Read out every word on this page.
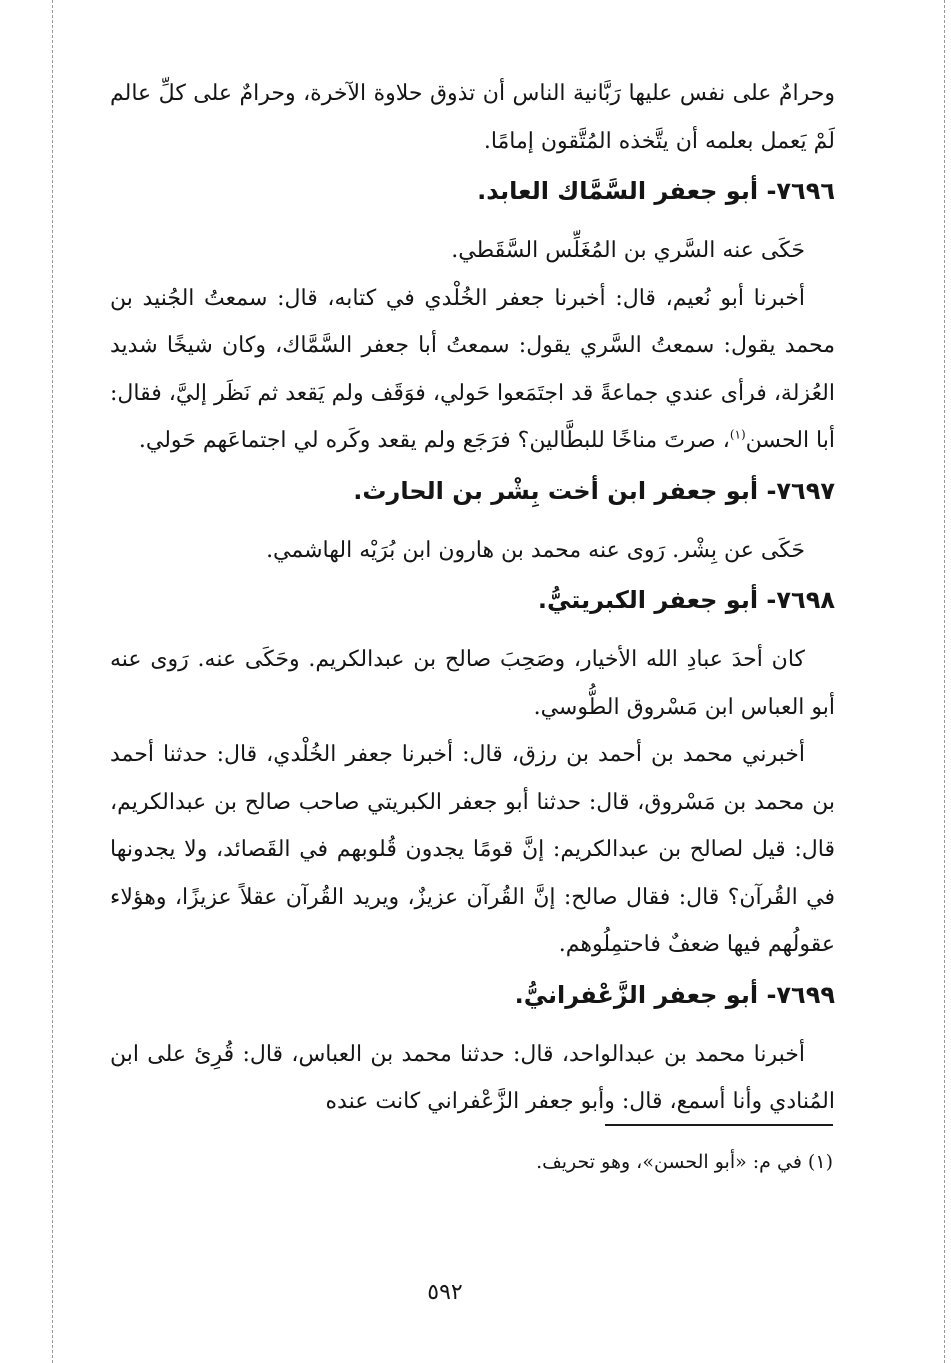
وحرامٌ على نفس عليها رَبَّانية الناس أن تذوق حلاوة الآخرة، وحرامٌ على كلِّ عالم لَمْ يَعمل بعلمه أن يتَّخذه المُتَّقون إمامًا.

٧٦٩٦- أبو جعفر السَّمَّاك العابد.

حَكَى عنه السَّري بن المُغَلِّس السَّقَطي.

أخبرنا أبو نُعيم، قال: أخبرنا جعفر الخُلْدي في كتابه، قال: سمعتُ الجُنيد بن محمد يقول: سمعتُ السَّري يقول: سمعتُ أبا جعفر السَّمَّاك، وكان شيخًا شديد العُزلة، فرأى عندي جماعةً قد اجتَمَعوا حَولي، فوَقَف ولم يَقعد ثم نَظَر إليَّ، فقال: أبا الحسن$^{(١)}$، صرتَ مناخًا للبطَّالين؟ فرَجَع ولم يقعد وكَره لي اجتماعَهم حَولي.

٧٦٩٧- أبو جعفر ابن أخت بِشْر بن الحارث.

حَكَى عن بِشْر. رَوى عنه محمد بن هارون ابن بُرَيْه الهاشمي.

٧٦٩٨- أبو جعفر الكبريتيُّ.

كان أحدَ عبادِ الله الأخيار، وصَحِبَ صالح بن عبدالكريم. وحَكَى عنه. رَوى عنه أبو العباس ابن مَسْروق الطُّوسي.

أخبرني محمد بن أحمد بن رزق، قال: أخبرنا جعفر الخُلْدي، قال: حدثنا أحمد بن محمد بن مَسْروق، قال: حدثنا أبو جعفر الكبريتي صاحب صالح بن عبدالكريم، قال: قيل لصالح بن عبدالكريم: إنَّ قومًا يجدون قُلوبهم في القَصائد، ولا يجدونها في القُرآن؟ قال: فقال صالح: إنَّ القُرآن عزيزٌ، ويريد القُرآن عقلاً عزيزًا، وهؤلاء عقولُهم فيها ضعفٌ فاحتمِلُوهم.

٧٦٩٩- أبو جعفر الزَّعْفرانيُّ.

أخبرنا محمد بن عبدالواحد، قال: حدثنا محمد بن العباس، قال: قُرِئ على ابن المُنادي وأنا أسمع، قال: وأبو جعفر الزَّعْفراني كانت عنده

(١) في م: «أبو الحسن»، وهو تحريف.
٥٩٢
